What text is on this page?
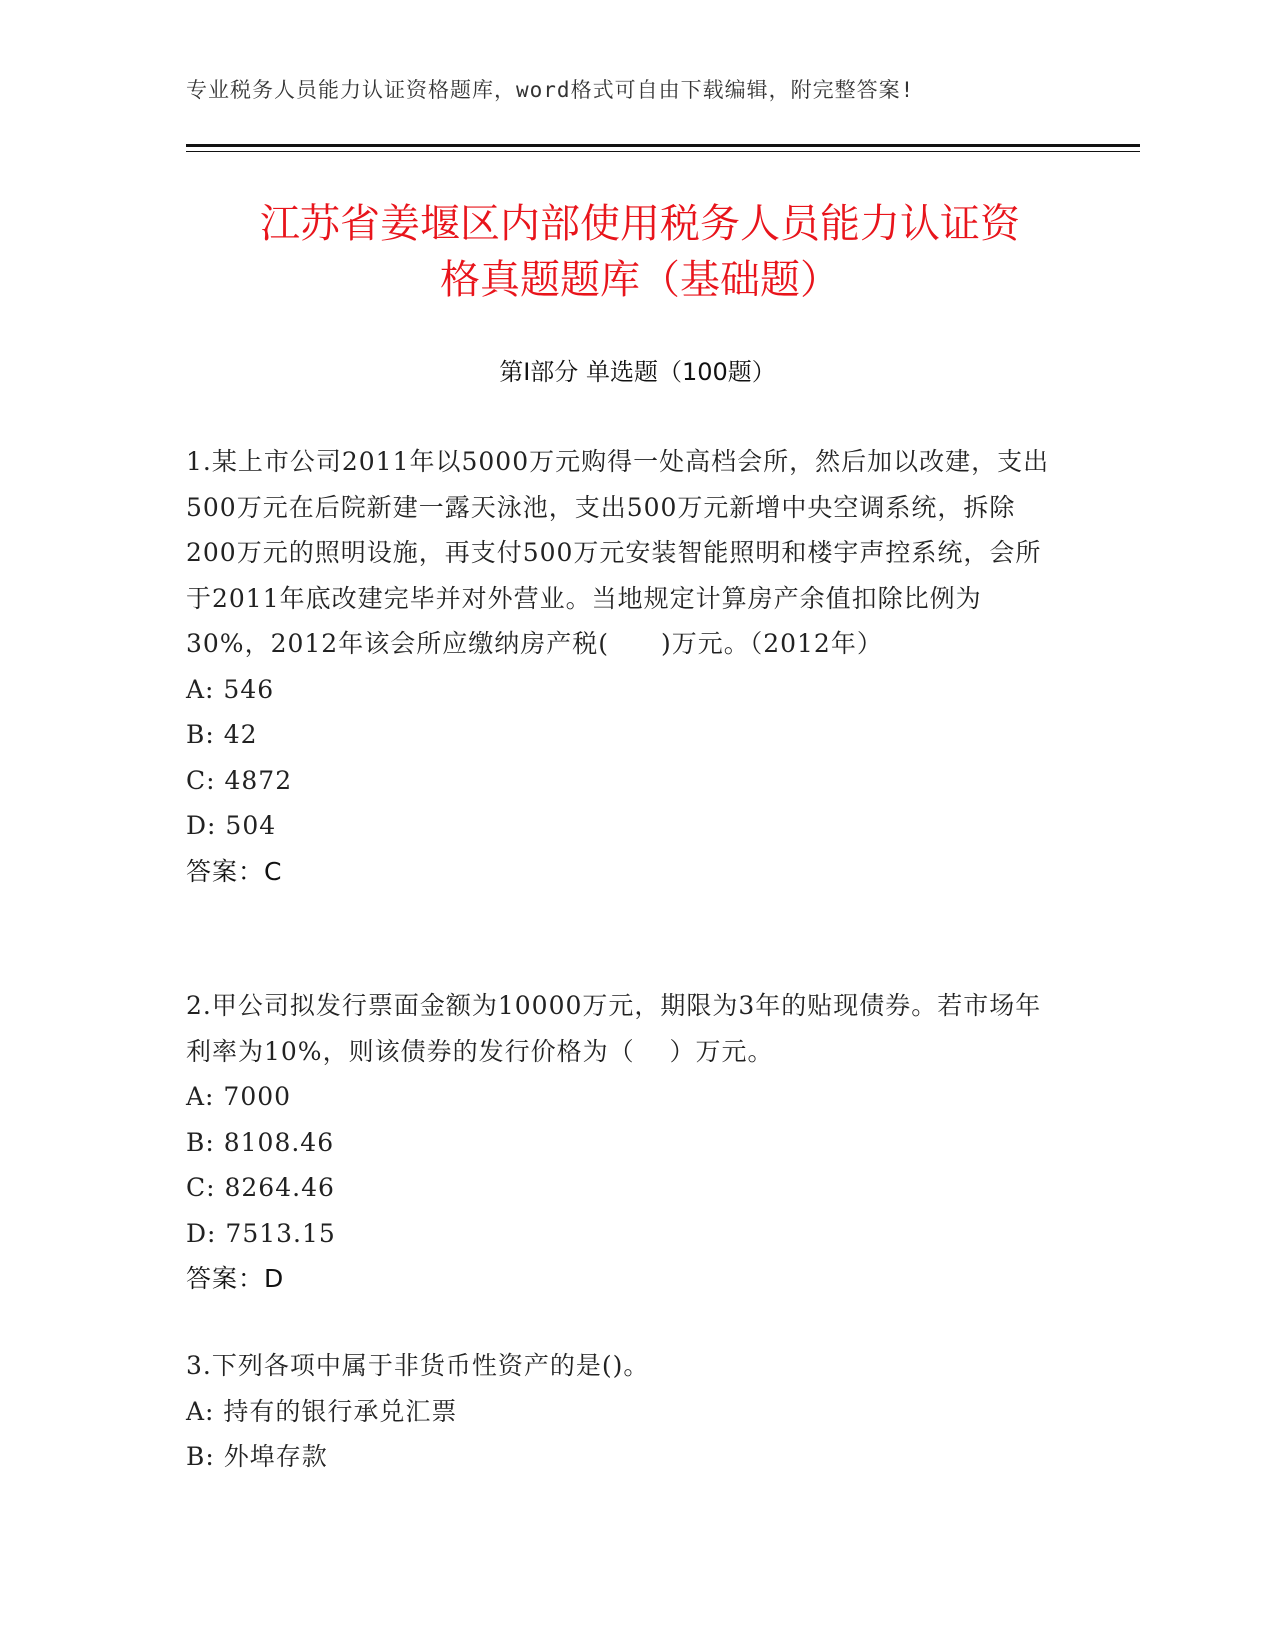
专业税务人员能力认证资格题库，word格式可自由下载编辑，附完整答案!
江苏省姜堰区内部使用税务人员能力认证资
格真题题库（基础题）
第Ⅰ部分 单选题（100题）

1.某上市公司2011年以5000万元购得一处高档会所，然后加以改建，支出500万元在后院新建一露天泳池，支出500万元新增中央空调系统，拆除200万元的照明设施，再支付500万元安装智能照明和楼宇声控系统，会所于2011年底改建完毕并对外营业。当地规定计算房产余值扣除比例为30%，2012年该会所应缴纳房产税(　　)万元。（2012年）

A: 546

B: 42

C: 4872

D: 504

答案：C

2.甲公司拟发行票面金额为10000万元，期限为3年的贴现债券。若市场年利率为10%，则该债券的发行价格为（　 ）万元。

A: 7000

B: 8108.46

C: 8264.46

D: 7513.15

答案：D

3.下列各项中属于非货币性资产的是()。

A: 持有的银行承兑汇票

B: 外埠存款
